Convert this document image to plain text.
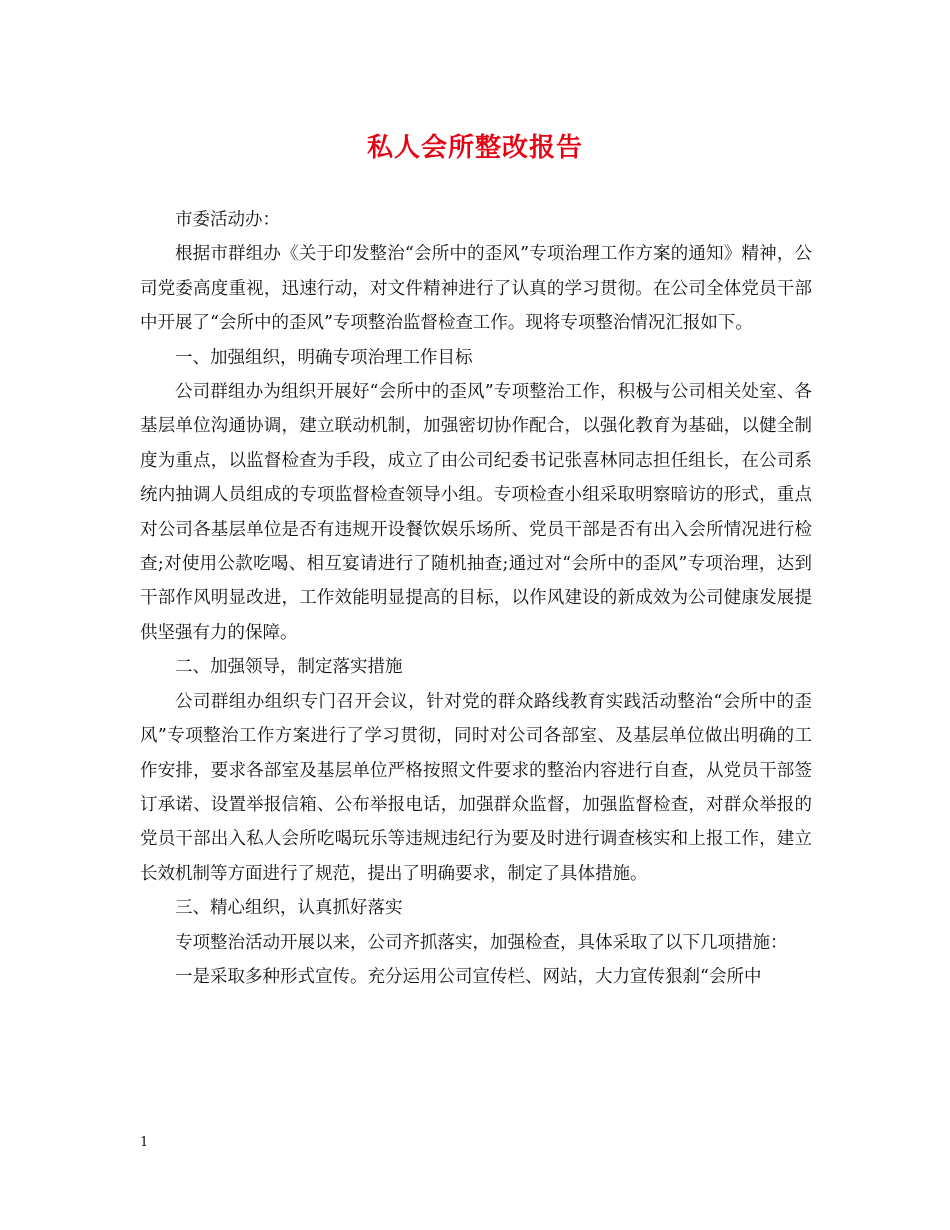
私人会所整改报告

市委活动办：

根据市群组办《关于印发整治“会所中的歪风”专项治理工作方案的通知》精神，公司党委高度重视，迅速行动，对文件精神进行了认真的学习贯彻。在公司全体党员干部中开展了“会所中的歪风”专项整治监督检查工作。现将专项整治情况汇报如下。

一、加强组织，明确专项治理工作目标

公司群组办为组织开展好“会所中的歪风”专项整治工作，积极与公司相关处室、各基层单位沟通协调，建立联动机制，加强密切协作配合，以强化教育为基础，以健全制度为重点，以监督检查为手段，成立了由公司纪委书记张喜林同志担任组长，在公司系统内抽调人员组成的专项监督检查领导小组。专项检查小组采取明察暗访的形式，重点对公司各基层单位是否有违规开设餐饮娱乐场所、党员干部是否有出入会所情况进行检查;对使用公款吃喝、相互宴请进行了随机抽查;通过对“会所中的歪风”专项治理，达到干部作风明显改进，工作效能明显提高的目标，以作风建设的新成效为公司健康发展提供坚强有力的保障。

二、加强领导，制定落实措施

公司群组办组织专门召开会议，针对党的群众路线教育实践活动整治“会所中的歪风”专项整治工作方案进行了学习贯彻，同时对公司各部室、及基层单位做出明确的工作安排，要求各部室及基层单位严格按照文件要求的整治内容进行自查，从党员干部签订承诺、设置举报信箱、公布举报电话，加强群众监督，加强监督检查，对群众举报的党员干部出入私人会所吃喝玩乐等违规违纪行为要及时进行调查核实和上报工作，建立长效机制等方面进行了规范，提出了明确要求，制定了具体措施。

三、精心组织，认真抓好落实

专项整治活动开展以来，公司齐抓落实，加强检查，具体采取了以下几项措施：

一是采取多种形式宣传。充分运用公司宣传栏、网站，大力宣传狠刹“会所中

1
